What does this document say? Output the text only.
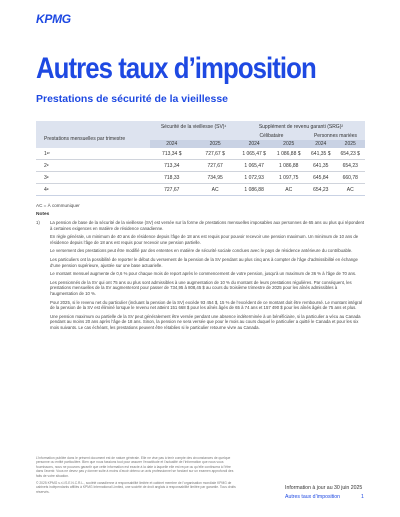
KPMG
Autres taux d’imposition
Prestations de sécurité de la vieillesse
	Sécurité de la vieillesse (SV)¹		Supplément de revenu garanti (SRG)²			
Prestations mensuelles par trimestre			Célibataire		Personnes mariées	
	2024	2025	2024	2025	2024	2025
1ᵉʳ	713,34 $	727,67 $	1 065,47 $	1 086,88 $	641,35 $	654,23 $
2ᵉ	713,34	727,67	1 065,47	1 086,88	641,35	654,23
3ᵉ	718,33	734,95	1 072,93	1 097,75	645,84	660,78
4ᵉ	727,67	AC	1 086,88	AC	654,23	AC
AC = À communiquer
Notes
1) La pension de base de la sécurité de la vieillesse (SV) est versée sur la forme de prestations mensuelles imposables aux personnes de 65 ans ou plus qui répondent à certaines exigences en matière de résidence canadienne.

En règle générale, un minimum de 40 ans de résidence depuis l’âge de 18 ans est requis pour pouvoir recevoir une pension maximum. Un minimum de 10 ans de résidence depuis l’âge de 18 ans est requis pour recevoir une pension partielle.

Le versement des prestations peut être modifié par des ententes en matière de sécurité sociale conclues avec le pays de résidence antérieure du contribuable.

Les particuliers ont la possibilité de reporter le début du versement de la pension de la SV pendant au plus cinq ans à compter de l’âge d’admissibilité en échange d’une pension supérieure, ajustée sur une base actuarielle.

Le montant mensuel augmente de 0,6 % pour chaque mois de report après le commencement de votre pension, jusqu’à un maximum de 36 % à l’âge de 70 ans.

Les pensionnés de la SV qui ont 75 ans ou plus sont admissibles à une augmentation de 10 % du montant de leurs prestations régulières. Par conséquent, les prestations mensuelles de la SV augmenteront pour passer de 734,95 à 808,45 $ au cours du troisième trimestre de 2025 pour les aînés admissibles à l’augmentation de 10 %.

Pour 2025, si le revenu net du particulier (incluant la pension de la SV) excède 93 454 $, 15 % de l’excédent de ce montant doit être remboursé. Le montant intégral de la pension de la SV est éliminé lorsque le revenu net atteint 151 668 $ pour les aînés âgés de 65 à 74 ans et 157 490 $ pour les aînés âgés de 75 ans et plus.

Une pension maximum ou partielle de la SV peut généralement être versée pendant une absence indéterminée à un bénéficiaire, si la particulier a vécu au Canada pendant au moins 20 ans après l’âge de 18 ans. Sinon, la pension ne sera versée que pour le mois au cours duquel le particulier a quitté le Canada et pour les six mois suivants. Le cas échéant, les prestations peuvent être rétablies si le particulier retourne vivre au Canada.

L’information publiée dans le présent document est de nature générale. Elle ne vise pas à tenir compte des circonstances de quelque personne ou entité particulière. Bien que nous fassions tout pour assurer l’exactitude et l’actualité de l’information que nous vous fournissons, nous ne pouvons garantir que cette information est exacte à la date à laquelle elle est reçue ou qu’elle continuera à l’être dans l’avenir. Vous ne devez pas y donner suite à moins d’avoir obtenu un avis professionnel se fondant sur un examen approfondi des faits de votre situation.
© 2025 KPMG s.r.l./S.E.N.C.R.L., société canadienne à responsabilité limitée et cabinet membre de l’organisation mondiale KPMG de cabinets indépendants affiliés à KPMG International Limited, une société de droit anglais à responsabilité limitée par garantie. Tous droits réservés.
Information à jour au 30 juin 2025
Autres taux d’imposition	1
